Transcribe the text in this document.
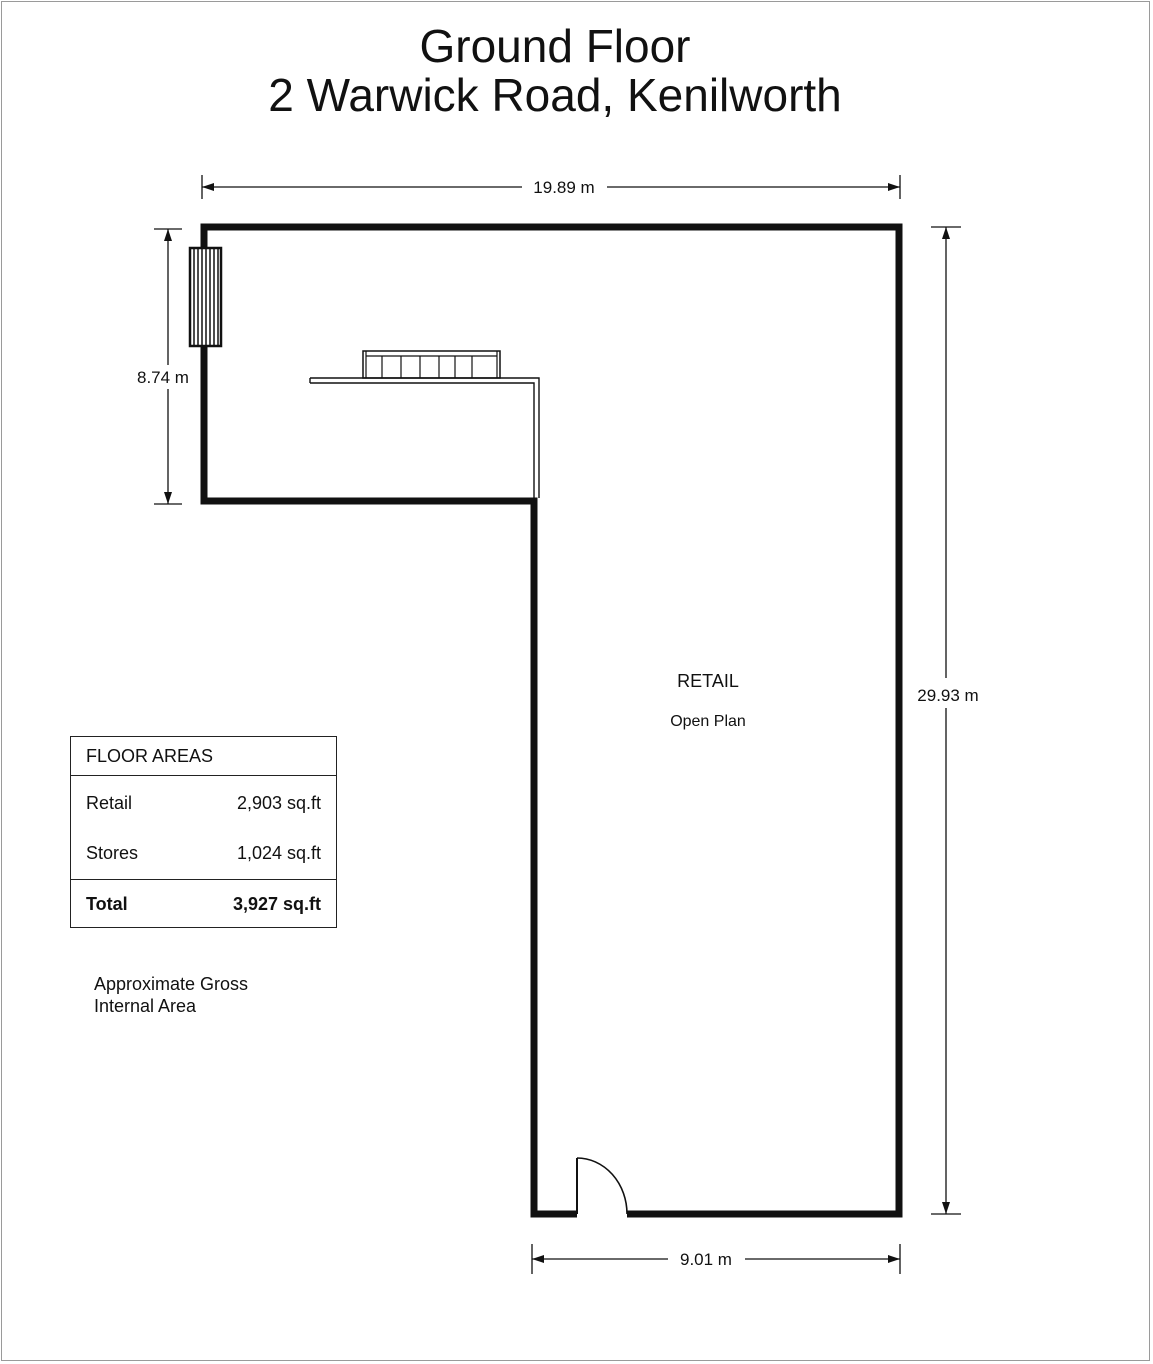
Ground Floor
2 Warwick Road, Kenilworth
19.89 m
8.74 m
29.93 m
9.01 m
RETAIL
Open Plan
FLOOR AREAS
Retail	2,903 sq.ft
Stores	1,024 sq.ft
Total	3,927 sq.ft
Approximate Gross
Internal Area
